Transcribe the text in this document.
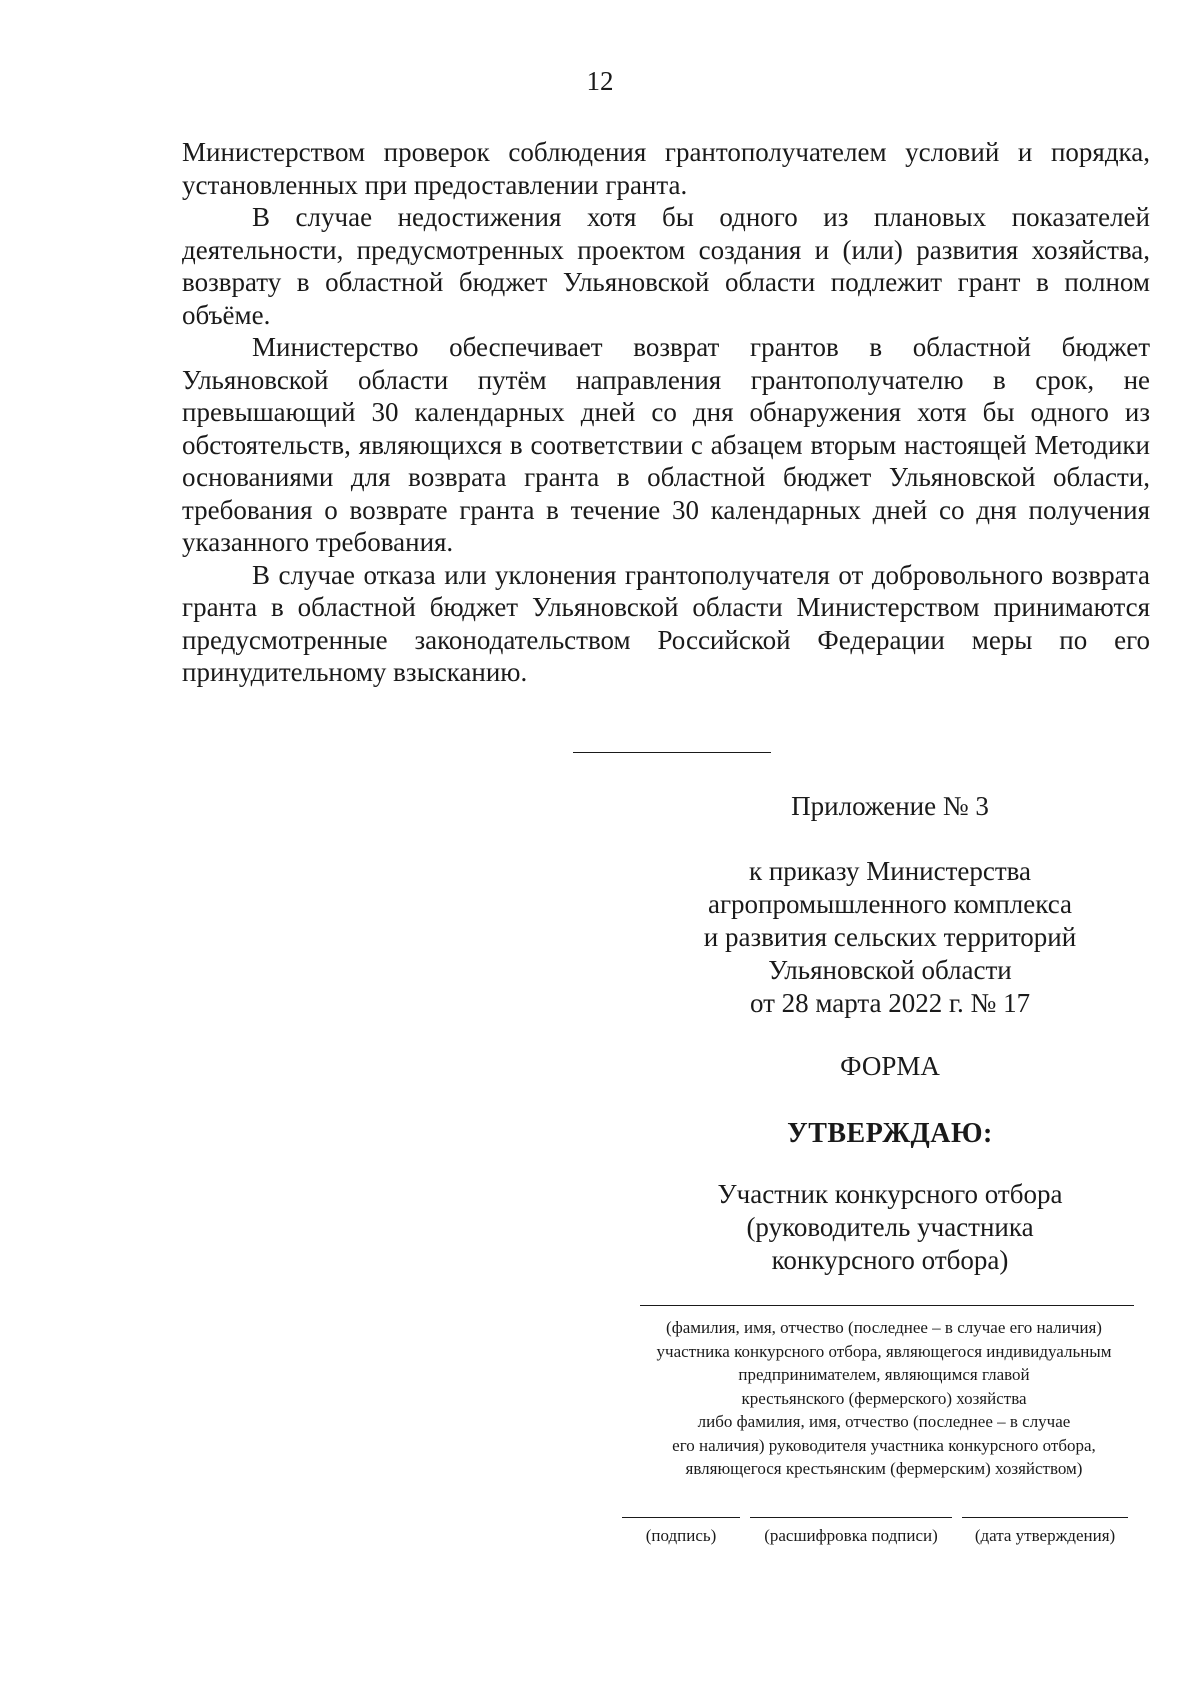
12

Министерством проверок соблюдения грантополучателем условий и порядка, установленных при предоставлении гранта.

В случае недостижения хотя бы одного из плановых показателей деятельности, предусмотренных проектом создания и (или) развития хозяйства, возврату в областной бюджет Ульяновской области подлежит грант в полном объёме.

Министерство обеспечивает возврат грантов в областной бюджет Ульяновской области путём направления грантополучателю в срок, не превышающий 30 календарных дней со дня обнаружения хотя бы одного из обстоятельств, являющихся в соответствии с абзацем вторым настоящей Методики основаниями для возврата гранта в областной бюджет Ульяновской области, требования о возврате гранта в течение 30 календарных дней со дня получения указанного требования.

В случае отказа или уклонения грантополучателя от добровольного возврата гранта в областной бюджет Ульяновской области Министерством принимаются предусмотренные законодательством Российской Федерации меры по его принудительному взысканию.

Приложение № 3
к приказу Министерства
агропромышленного комплекса
и развития сельских территорий
Ульяновской области
от 28 марта 2022 г. № 17
ФОРМА
УТВЕРЖДАЮ:
Участник конкурсного отбора
(руководитель участника
конкурсного отбора)
(фамилия, имя, отчество (последнее – в случае его наличия)
участника конкурсного отбора, являющегося индивидуальным
предпринимателем, являющимся главой
крестьянского (фермерского) хозяйства
либо фамилия, имя, отчество (последнее – в случае
его наличия) руководителя участника конкурсного отбора,
являющегося крестьянским (фермерским) хозяйством)
(подпись)	(расшифровка подписи)	(дата утверждения)
